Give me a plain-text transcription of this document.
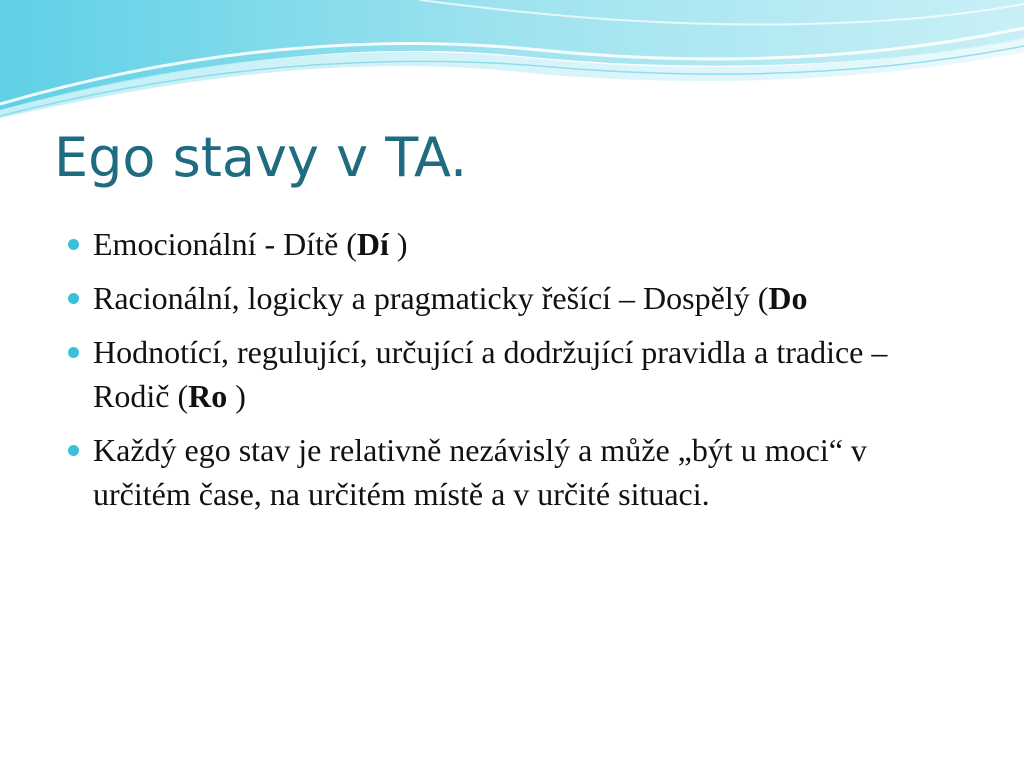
Ego stavy v TA.
Emocionální - Dítě (Dí )
Racionální, logicky a pragmaticky řešící – Dospělý (Do
Hodnotící, regulující, určující a dodržující pravidla a tradice – Rodič (Ro )
Každý ego stav je relativně nezávislý a může „být u moci“ v určitém čase, na určitém místě a v určité situaci.
